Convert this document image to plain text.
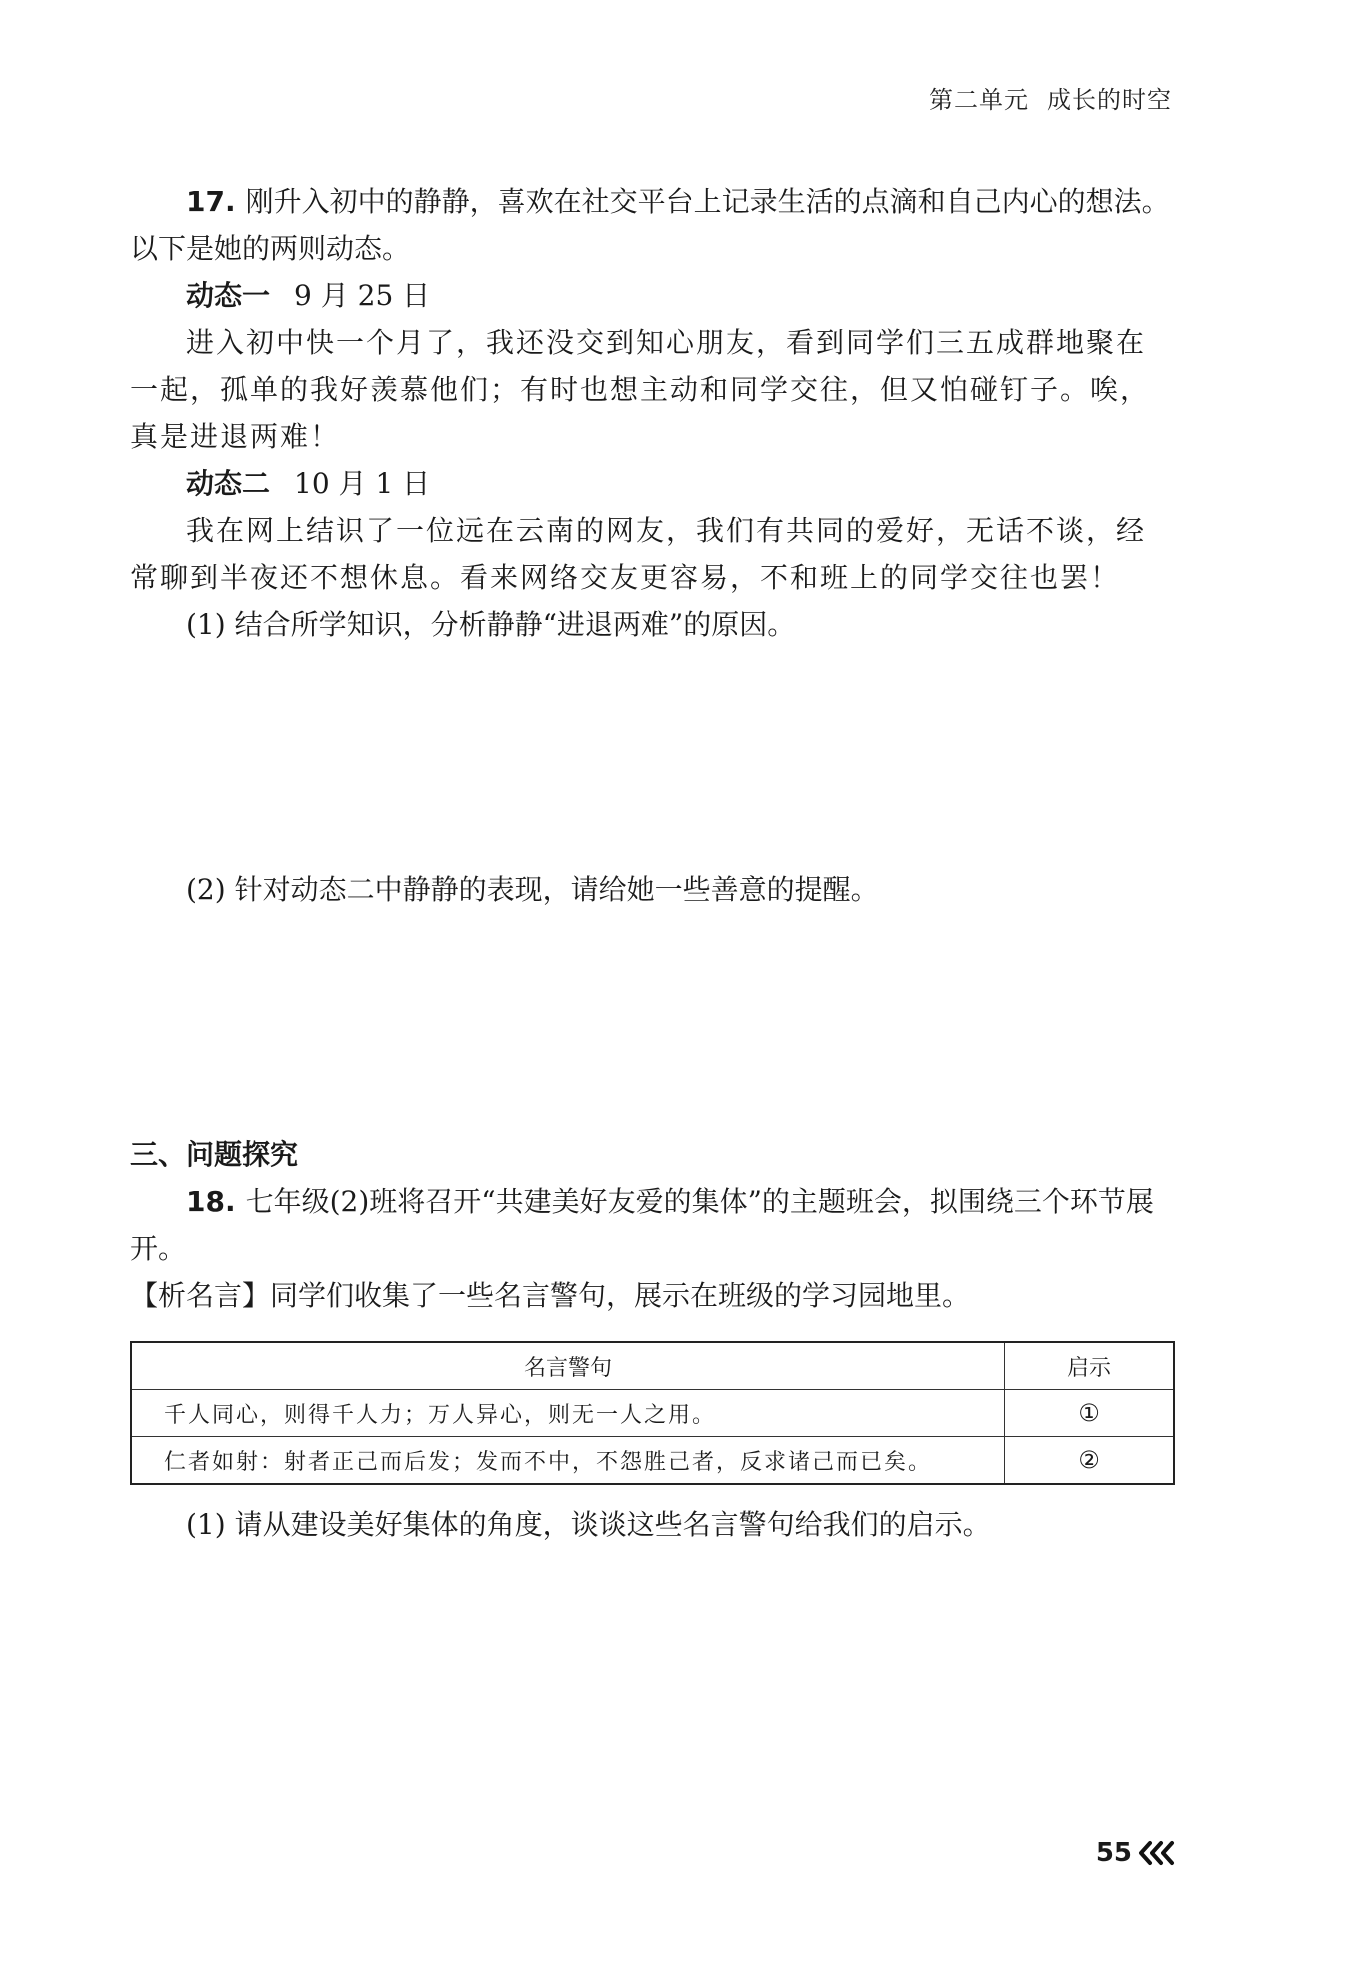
第二单元 成长的时空

17. 刚升入初中的静静，喜欢在社交平台上记录生活的点滴和自己内心的想法。以下是她的两则动态。

动态一 9 月 25 日

进入初中快一个月了，我还没交到知心朋友，看到同学们三五成群地聚在一起，孤单的我好羡慕他们；有时也想主动和同学交往，但又怕碰钉子。唉，真是进退两难！

动态二 10 月 1 日

我在网上结识了一位远在云南的网友，我们有共同的爱好，无话不谈，经常聊到半夜还不想休息。看来网络交友更容易，不和班上的同学交往也罢！

(1) 结合所学知识，分析静静“进退两难”的原因。

(2) 针对动态二中静静的表现，请给她一些善意的提醒。

三、问题探究

18. 七年级(2)班将召开“共建美好友爱的集体”的主题班会，拟围绕三个环节展开。

【析名言】同学们收集了一些名言警句，展示在班级的学习园地里。

名言警句	启示
千人同心，则得千人力；万人异心，则无一人之用。	①
仁者如射：射者正己而后发；发而不中，不怨胜己者，反求诸己而已矣。	②

(1) 请从建设美好集体的角度，谈谈这些名言警句给我们的启示。

55
